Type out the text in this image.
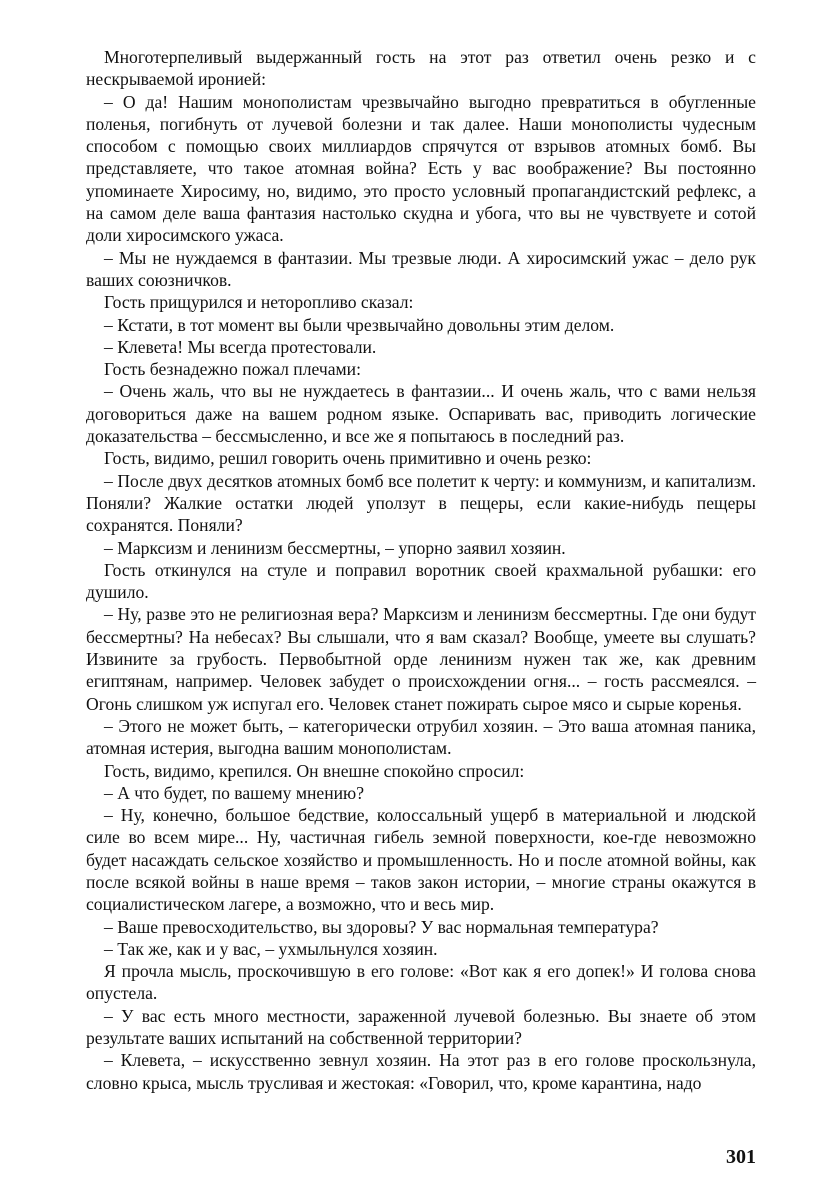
Многотерпеливый выдержанный гость на этот раз ответил очень резко и с нескрываемой иронией:

– О да! Нашим монополистам чрезвычайно выгодно превратиться в обугленные поленья, погибнуть от лучевой болезни и так далее. Наши монополисты чудесным способом с помощью своих миллиардов спрячутся от взрывов атомных бомб. Вы представляете, что такое атомная война? Есть у вас воображение? Вы постоянно упоминаете Хиросиму, но, видимо, это просто условный пропагандистский рефлекс, а на самом деле ваша фантазия настолько скудна и убога, что вы не чувствуете и сотой доли хиросимского ужаса.

– Мы не нуждаемся в фантазии. Мы трезвые люди. А хиросимский ужас – дело рук ваших союзничков.

Гость прищурился и неторопливо сказал:

– Кстати, в тот момент вы были чрезвычайно довольны этим делом.

– Клевета! Мы всегда протестовали.

Гость безнадежно пожал плечами:

– Очень жаль, что вы не нуждаетесь в фантазии... И очень жаль, что с вами нельзя договориться даже на вашем родном языке. Оспаривать вас, приводить логические доказательства – бессмысленно, и все же я попытаюсь в последний раз.

Гость, видимо, решил говорить очень примитивно и очень резко:

– После двух десятков атомных бомб все полетит к черту: и коммунизм, и капитализм. Поняли? Жалкие остатки людей уползут в пещеры, если какие-нибудь пещеры сохранятся. Поняли?

– Марксизм и ленинизм бессмертны, – упорно заявил хозяин.

Гость откинулся на стуле и поправил воротник своей крахмальной рубашки: его душило.

– Ну, разве это не религиозная вера? Марксизм и ленинизм бессмертны. Где они будут бессмертны? На небесах? Вы слышали, что я вам сказал? Вообще, умеете вы слушать? Извините за грубость. Первобытной орде ленинизм нужен так же, как древним египтянам, например. Человек забудет о происхождении огня... – гость рассмеялся. – Огонь слишком уж испугал его. Человек станет пожирать сырое мясо и сырые коренья.

– Этого не может быть, – категорически отрубил хозяин. – Это ваша атомная паника, атомная истерия, выгодна вашим монополистам.

Гость, видимо, крепился. Он внешне спокойно спросил:

– А что будет, по вашему мнению?

– Ну, конечно, большое бедствие, колоссальный ущерб в материальной и людской силе во всем мире... Ну, частичная гибель земной поверхности, кое-где невозможно будет насаждать сельское хозяйство и промышленность. Но и после атомной войны, как после всякой войны в наше время – таков закон истории, – многие страны окажутся в социалистическом лагере, а возможно, что и весь мир.

– Ваше превосходительство, вы здоровы? У вас нормальная температура?

– Так же, как и у вас, – ухмыльнулся хозяин.

Я прочла мысль, проскочившую в его голове: «Вот как я его допек!» И голова снова опустела.

– У вас есть много местности, зараженной лучевой болезнью. Вы знаете об этом результате ваших испытаний на собственной территории?

– Клевета, – искусственно зевнул хозяин. На этот раз в его голове проскользнула, словно крыса, мысль трусливая и жестокая: «Говорил, что, кроме карантина, надо

301
